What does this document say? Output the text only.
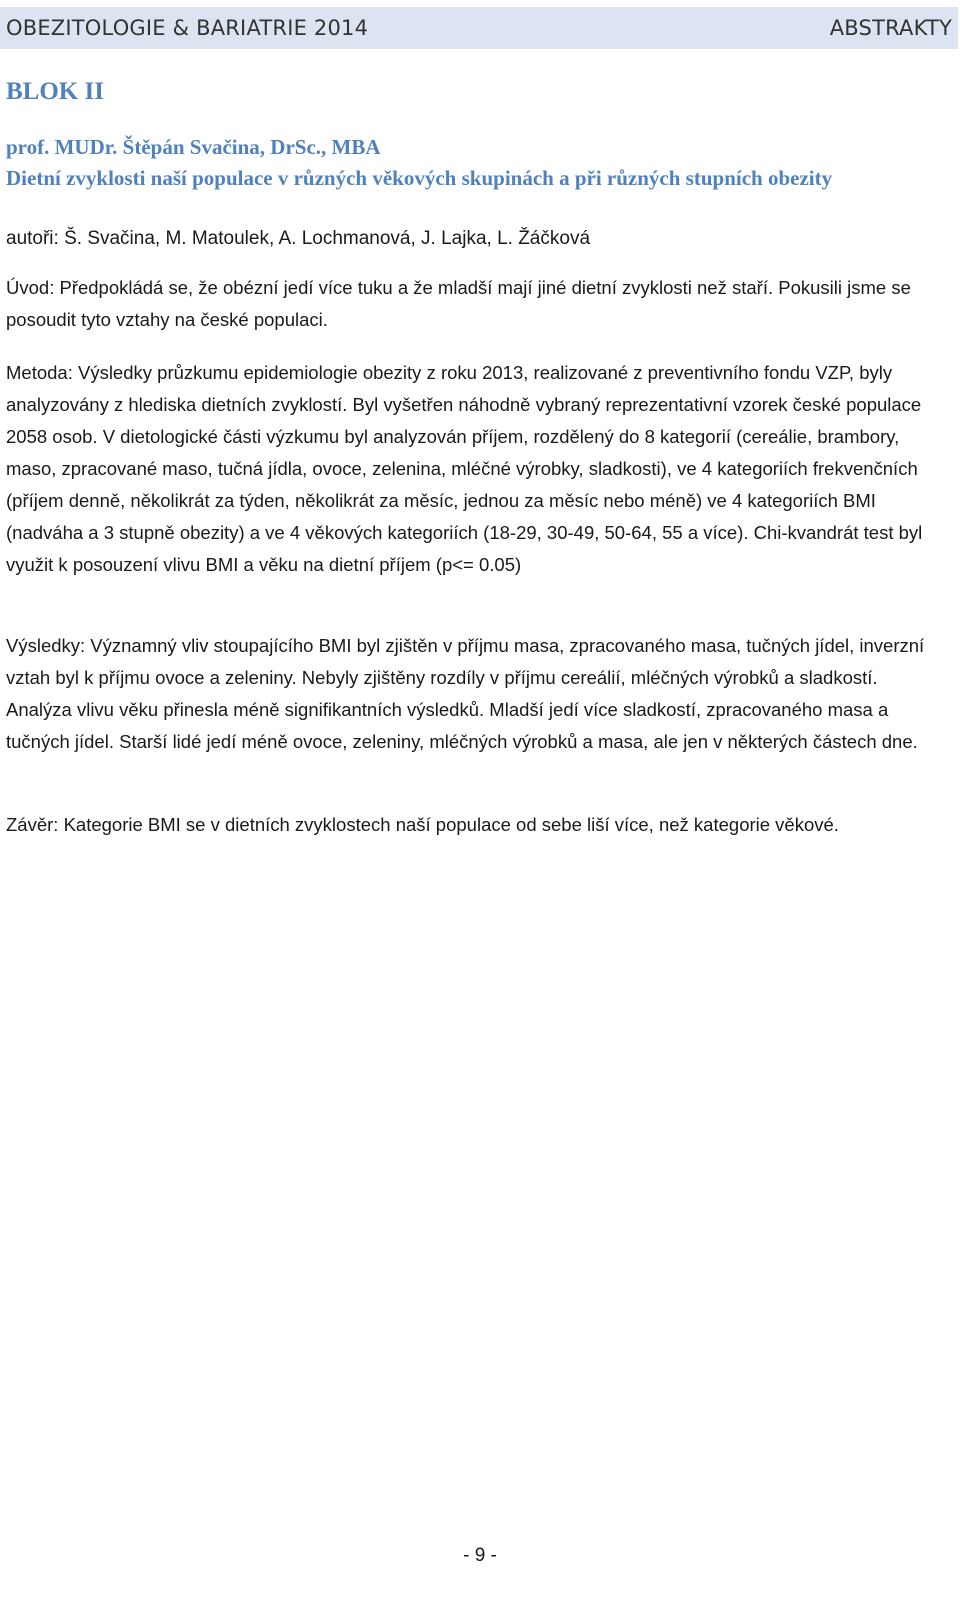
OBEZITOLOGIE & BARIATRIE 2014	ABSTRAKTY
BLOK II
prof. MUDr. Štěpán Svačina, DrSc., MBA
Dietní zvyklosti naší populace v různých věkových skupinách a při různých stupních obezity
autoři: Š. Svačina, M. Matoulek, A. Lochmanová, J. Lajka, L. Žáčková

Úvod: Předpokládá se, že obézní jedí více tuku a že mladší mají jiné dietní zvyklosti než staří. Pokusili jsme se posoudit tyto vztahy na české populaci.

Metoda: Výsledky průzkumu epidemiologie obezity z roku 2013, realizované z preventivního fondu VZP, byly analyzovány z hlediska dietních zvyklostí. Byl vyšetřen náhodně vybraný reprezentativní vzorek české populace 2058 osob. V dietologické části výzkumu byl analyzován příjem, rozdělený do 8 kategorií (cereálie, brambory, maso, zpracované maso, tučná jídla, ovoce, zelenina, mléčné výrobky, sladkosti), ve 4 kategoriích frekvenčních (příjem denně, několikrát za týden, několikrát za měsíc, jednou za měsíc nebo méně) ve 4 kategoriích BMI (nadváha a 3 stupně obezity) a ve 4 věkových kategoriích (18-29, 30-49, 50-64, 55 a více). Chi-kvandrát test byl využit k posouzení vlivu BMI a věku na dietní příjem (p<= 0.05)

Výsledky: Významný vliv stoupajícího BMI byl zjištěn v příjmu masa, zpracovaného masa, tučných jídel, inverzní vztah byl k příjmu ovoce a zeleniny. Nebyly zjištěny rozdíly v příjmu cereálií, mléčných výrobků a sladkostí. Analýza vlivu věku přinesla méně signifikantních výsledků. Mladší jedí více sladkostí, zpracovaného masa a tučných jídel. Starší lidé jedí méně ovoce, zeleniny, mléčných výrobků a masa, ale jen v některých částech dne.

Závěr: Kategorie BMI se v dietních zvyklostech naší populace od sebe liší více, než kategorie věkové.

- 9 -
